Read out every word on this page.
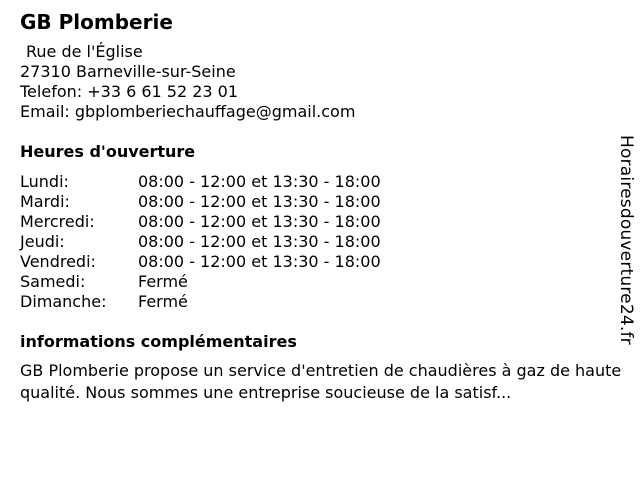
GB Plomberie
Rue de l'Église
27310 Barneville-sur-Seine
Telefon: +33 6 61 52 23 01
Email: gbplomberiechauffage@gmail.com
Heures d'ouverture
Lundi:	08:00 - 12:00 et 13:30 - 18:00
Mardi:	08:00 - 12:00 et 13:30 - 18:00
Mercredi:	08:00 - 12:00 et 13:30 - 18:00
Jeudi:	08:00 - 12:00 et 13:30 - 18:00
Vendredi:	08:00 - 12:00 et 13:30 - 18:00
Samedi:	Fermé
Dimanche:	Fermé
informations complémentaires
GB Plomberie propose un service d'entretien de chaudières à gaz de haute qualité. Nous sommes une entreprise soucieuse de la satisf...
Horairesdouverture24.fr
